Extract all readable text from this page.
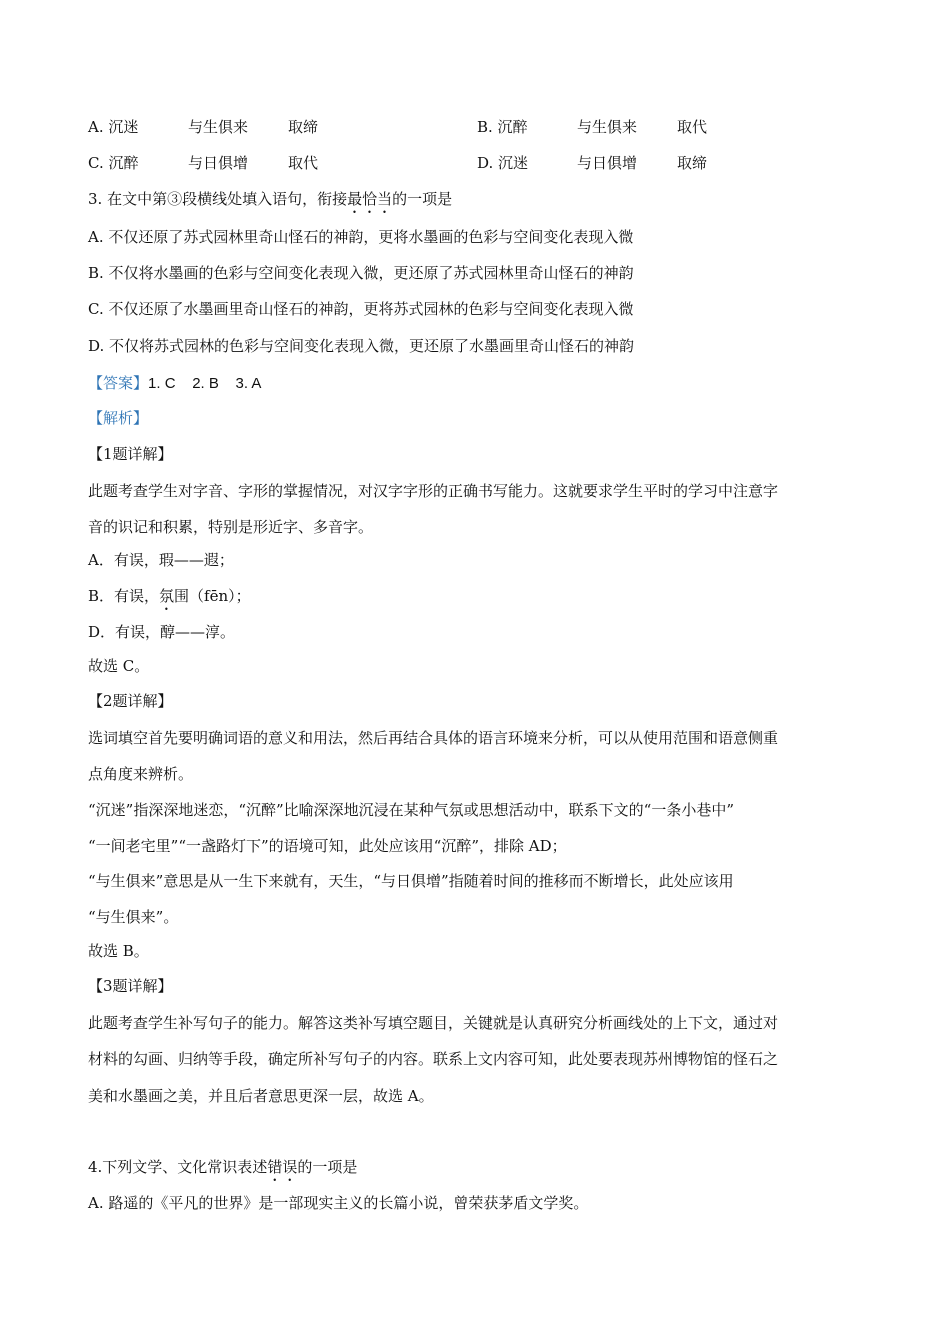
A. 沉迷	与生俱来	取缔	B. 沉醉	与生俱来	取代
C. 沉醉	与日俱增	取代	D. 沉迷	与日俱增	取缔
3. 在文中第③段横线处填入语句，衔接最恰当的一项是
A. 不仅还原了苏式园林里奇山怪石的神韵，更将水墨画的色彩与空间变化表现入微
B. 不仅将水墨画的色彩与空间变化表现入微，更还原了苏式园林里奇山怪石的神韵
C. 不仅还原了水墨画里奇山怪石的神韵，更将苏式园林的色彩与空间变化表现入微
D. 不仅将苏式园林的色彩与空间变化表现入微，更还原了水墨画里奇山怪石的神韵
【答案】1. C    2. B    3. A
【解析】
【1题详解】
此题考查学生对字音、字形的掌握情况，对汉字字形的正确书写能力。这就要求学生平时的学习中注意字
音的识记和积累，特别是形近字、多音字。
A．有误，瑕——遐；
B．有误，氛围（fēn）；
D．有误，醇——淳。
故选 C。
【2题详解】
选词填空首先要明确词语的意义和用法，然后再结合具体的语言环境来分析，可以从使用范围和语意侧重
点角度来辨析。
“沉迷”指深深地迷恋，“沉醉”比喻深深地沉浸在某种气氛或思想活动中，联系下文的“一条小巷中”
“一间老宅里”“一盏路灯下”的语境可知，此处应该用“沉醉”，排除 AD；
“与生俱来”意思是从一生下来就有，天生，“与日俱增”指随着时间的推移而不断增长，此处应该用
“与生俱来”。
故选 B。
【3题详解】
此题考查学生补写句子的能力。解答这类补写填空题目，关键就是认真研究分析画线处的上下文，通过对
材料的勾画、归纳等手段，确定所补写句子的内容。联系上文内容可知，此处要表现苏州博物馆的怪石之
美和水墨画之美，并且后者意思更深一层，故选 A。
4.下列文学、文化常识表述错误的一项是
A. 路遥的《平凡的世界》是一部现实主义的长篇小说，曾荣获茅盾文学奖。
